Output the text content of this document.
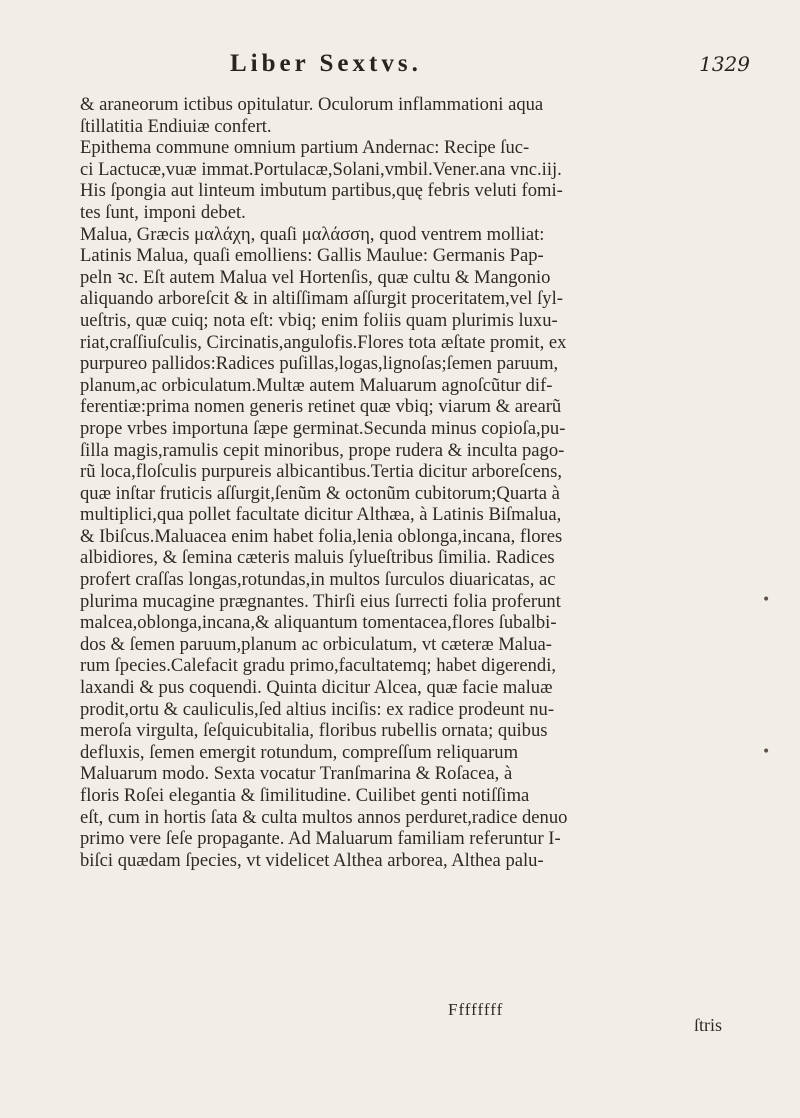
Liber Sextvs.	1329
& araneorum ictibus opitulatur. Oculorum inflammationi aqua
ſtillatitia Endiuiæ confert.
Epithema commune omnium partium Andernac: Recipe ſuc-
ci Lactucæ,vuæ immat.Portulacæ,Solani,vmbil.Vener.ana vnc.iij.
His ſpongia aut linteum imbutum partibus,quę febris veluti fomi-
tes ſunt, imponi debet.
Malua, Græcis μαλάχη, quaſi μαλάσση, quod ventrem molliat:
Latinis Malua, quaſi emolliens: Gallis Maulue: Germanis Pap-
peln ꝛc. Eſt autem Malua vel Hortenſis, quæ cultu & Mangonio
aliquando arboreſcit & in altiſſimam aſſurgit proceritatem,vel ſyl-
ueſtris, quæ cuiq; nota eſt: vbiq; enim foliis quam plurimis luxu-
riat,craſſiuſculis, Circinatis,angulofis.Flores tota æſtate promit, ex
purpureo pallidos:Radices puſillas,logas,lignoſas;ſemen paruum,
planum,ac orbiculatum.Multæ autem Maluarum agnoſcũtur dif-
ferentiæ:prima nomen generis retinet quæ vbiq; viarum & arearũ
prope vrbes importuna ſæpe germinat.Secunda minus copioſa,pu-
ſilla magis,ramulis cepit minoribus, prope rudera & inculta pago-
rũ loca,floſculis purpureis albicantibus.Tertia dicitur arboreſcens,
quæ inſtar fruticis aſſurgit,ſenũm & octonũm cubitorum;Quarta à
multiplici,qua pollet facultate dicitur Althæa, à Latinis Biſmalua,
& Ibiſcus.Maluacea enim habet folia,lenia oblonga,incana, flores
albidiores, & ſemina cæteris maluis ſylueſtribus ſimilia. Radices
profert craſſas longas,rotundas,in multos ſurculos diuaricatas, ac
plurima mucagine prægnantes. Thirſi eius ſurrecti folia proferunt
malcea,oblonga,incana,& aliquantum tomentacea,flores ſubalbi-
dos & ſemen paruum,planum ac orbiculatum, vt cæteræ Malua-
rum ſpecies.Calefacit gradu primo,facultatemq; habet digerendi,
laxandi & pus coquendi. Quinta dicitur Alcea, quæ facie maluæ
prodit,ortu & cauliculis,ſed altius inciſis: ex radice prodeunt nu-
meroſa virgulta, ſeſquicubitalia, floribus rubellis ornata; quibus
defluxis, ſemen emergit rotundum, compreſſum reliquarum
Maluarum modo. Sexta vocatur Tranſmarina & Roſacea, à
floris Roſei elegantia & ſimilitudine. Cuilibet genti notiſſima
eſt, cum in hortis ſata & culta multos annos perduret,radice denuo
primo vere ſeſe propagante. Ad Maluarum familiam referuntur I-
biſci quædam ſpecies, vt videlicet Althea arborea, Althea palu-
•
•
Ffffffff
ſtris
